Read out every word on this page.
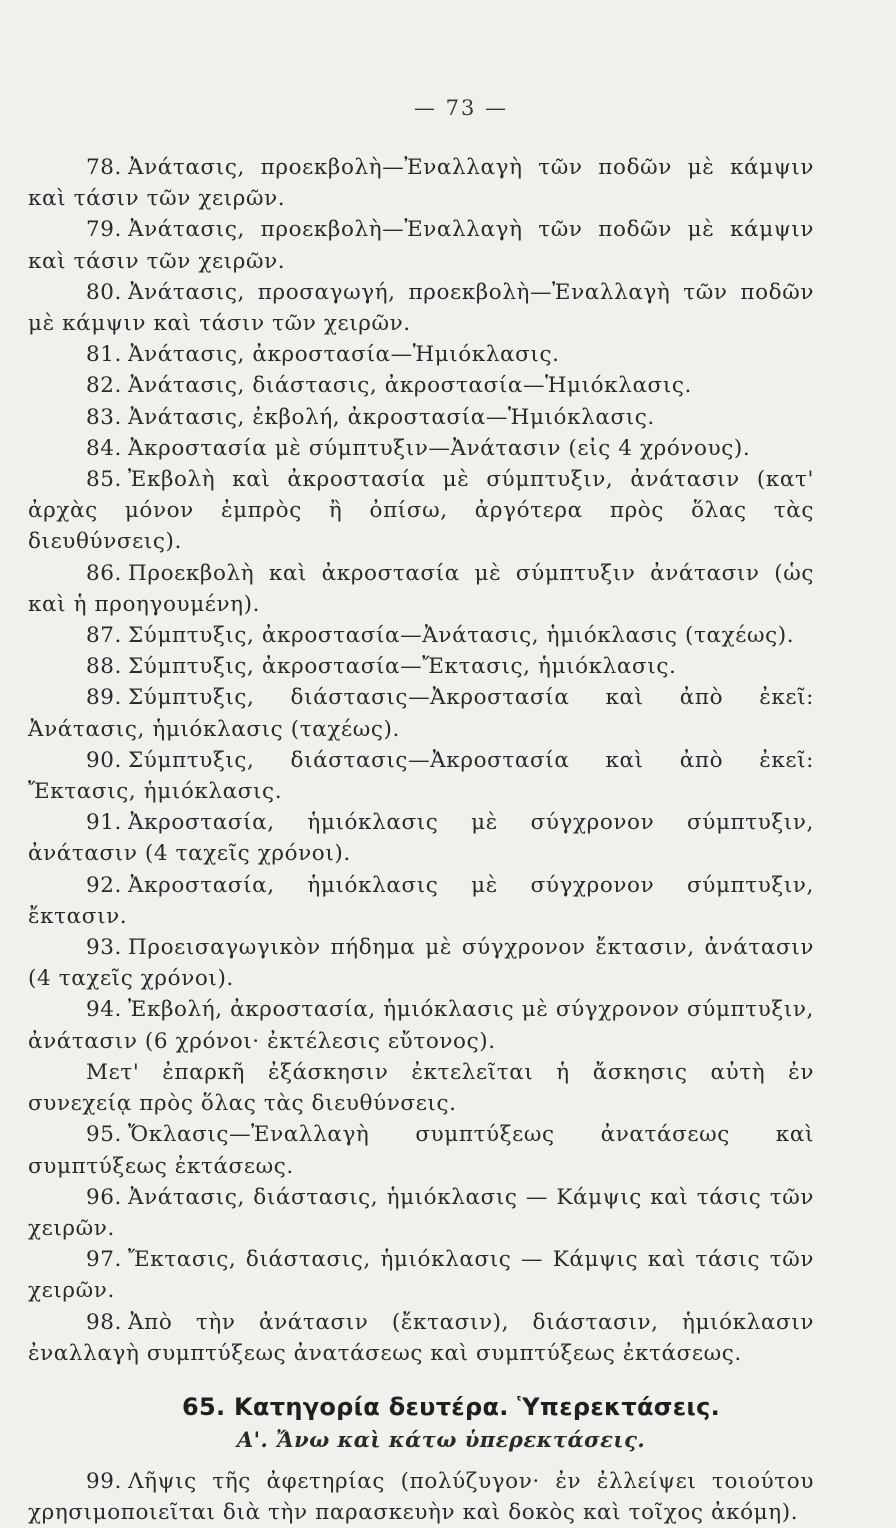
— 73 —

78. Ἀνάτασις, προεκβολὴ—Ἐναλλαγὴ τῶν ποδῶν μὲ κάμψιν καὶ τάσιν τῶν χειρῶν.

79. Ἀνάτασις, προεκβολὴ—Ἐναλλαγὴ τῶν ποδῶν μὲ κάμψιν καὶ τάσιν τῶν χειρῶν.

80. Ἀνάτασις, προσαγωγή, προεκβολὴ—Ἐναλλαγὴ τῶν ποδῶν μὲ κάμψιν καὶ τάσιν τῶν χειρῶν.

81. Ἀνάτασις, ἀκροστασία—Ἡμιόκλασις.

82. Ἀνάτασις, διάστασις, ἀκροστασία—Ἡμιόκλασις.

83. Ἀνάτασις, ἐκβολή, ἀκροστασία—Ἡμιόκλασις.

84. Ἀκροστασία μὲ σύμπτυξιν—Ἀνάτασιν (εἰς 4 χρόνους).

85. Ἐκβολὴ καὶ ἀκροστασία μὲ σύμπτυξιν, ἀνάτασιν (κατ' ἀρχὰς μόνον ἐμπρὸς ἢ ὀπίσω, ἀργότερα πρὸς ὅλας τὰς διευθύνσεις).

86. Προεκβολὴ καὶ ἀκροστασία μὲ σύμπτυξιν ἀνάτασιν (ὡς καὶ ἡ προηγουμένη).

87. Σύμπτυξις, ἀκροστασία—Ἀνάτασις, ἡμιόκλασις (ταχέως).

88. Σύμπτυξις, ἀκροστασία—Ἔκτασις, ἡμιόκλασις.

89. Σύμπτυξις, διάστασις—Ἀκροστασία καὶ ἀπὸ ἐκεῖ: Ἀνάτασις, ἡμιόκλασις (ταχέως).

90. Σύμπτυξις, διάστασις—Ἀκροστασία καὶ ἀπὸ ἐκεῖ: Ἔκτασις, ἡμιόκλασις.

91. Ἀκροστασία, ἡμιόκλασις μὲ σύγχρονον σύμπτυξιν, ἀνάτασιν (4 ταχεῖς χρόνοι).

92. Ἀκροστασία, ἡμιόκλασις μὲ σύγχρονον σύμπτυξιν, ἔκτασιν.

93. Προεισαγωγικὸν πήδημα μὲ σύγχρονον ἔκτασιν, ἀνάτασιν (4 ταχεῖς χρόνοι).

94. Ἐκβολή, ἀκροστασία, ἡμιόκλασις μὲ σύγχρονον σύμπτυξιν, ἀνάτασιν (6 χρόνοι· ἐκτέλεσις εὔτονος).

Μετ' ἐπαρκῆ ἐξάσκησιν ἐκτελεῖται ἡ ἄσκησις αὐτὴ ἐν συνεχείᾳ πρὸς ὅλας τὰς διευθύνσεις.

95. Ὄκλασις—Ἐναλλαγὴ συμπτύξεως ἀνατάσεως καὶ συμπτύξεως ἐκτάσεως.

96. Ἀνάτασις, διάστασις, ἡμιόκλασις — Κάμψις καὶ τάσις τῶν χειρῶν.

97. Ἔκτασις, διάστασις, ἡμιόκλασις — Κάμψις καὶ τάσις τῶν χειρῶν.

98. Ἀπὸ τὴν ἀνάτασιν (ἔκτασιν), διάστασιν, ἡμιόκλασιν ἐναλλαγὴ συμπτύξεως ἀνατάσεως καὶ συμπτύξεως ἐκτάσεως.

65. Κατηγορία δευτέρα. Ὑπερεκτάσεις.
Α'. Ἄνω καὶ κάτω ὑπερεκτάσεις.

99. Λῆψις τῆς ἀφετηρίας (πολύζυγον· ἐν ἐλλείψει τοιούτου χρησιμοποιεῖται διὰ τὴν παρασκευὴν καὶ δοκὸς καὶ τοῖχος ἀκόμη).
